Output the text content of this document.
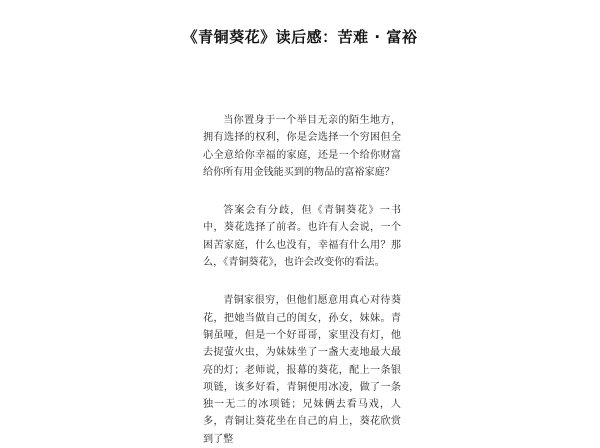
《青铜葵花》读后感：苦难 · 富裕

当你置身于一个举目无亲的陌生地方，拥有选择的权利，你是会选择一个穷困但全心全意给你幸福的家庭，还是一个给你财富给你所有用金钱能买到的物品的富裕家庭？

答案会有分歧，但《青铜葵花》一书中，葵花选择了前者。也许有人会说，一个困苦家庭，什么也没有，幸福有什么用？那么，《青铜葵花》，也许会改变你的看法。

青铜家很穷，但他们愿意用真心对待葵花，把她当做自己的闺女，孙女，妹妹。青铜虽哑，但是一个好哥哥，家里没有灯，他去捉萤火虫，为妹妹坐了一盏大麦地最大最亮的灯；老师说，报幕的葵花，配上一条银项链，该多好看，青铜便用冰凌，做了一条独一无二的冰项链；兄妹俩去看马戏，人多，青铜让葵花坐在自己的肩上，葵花欣赏到了整
